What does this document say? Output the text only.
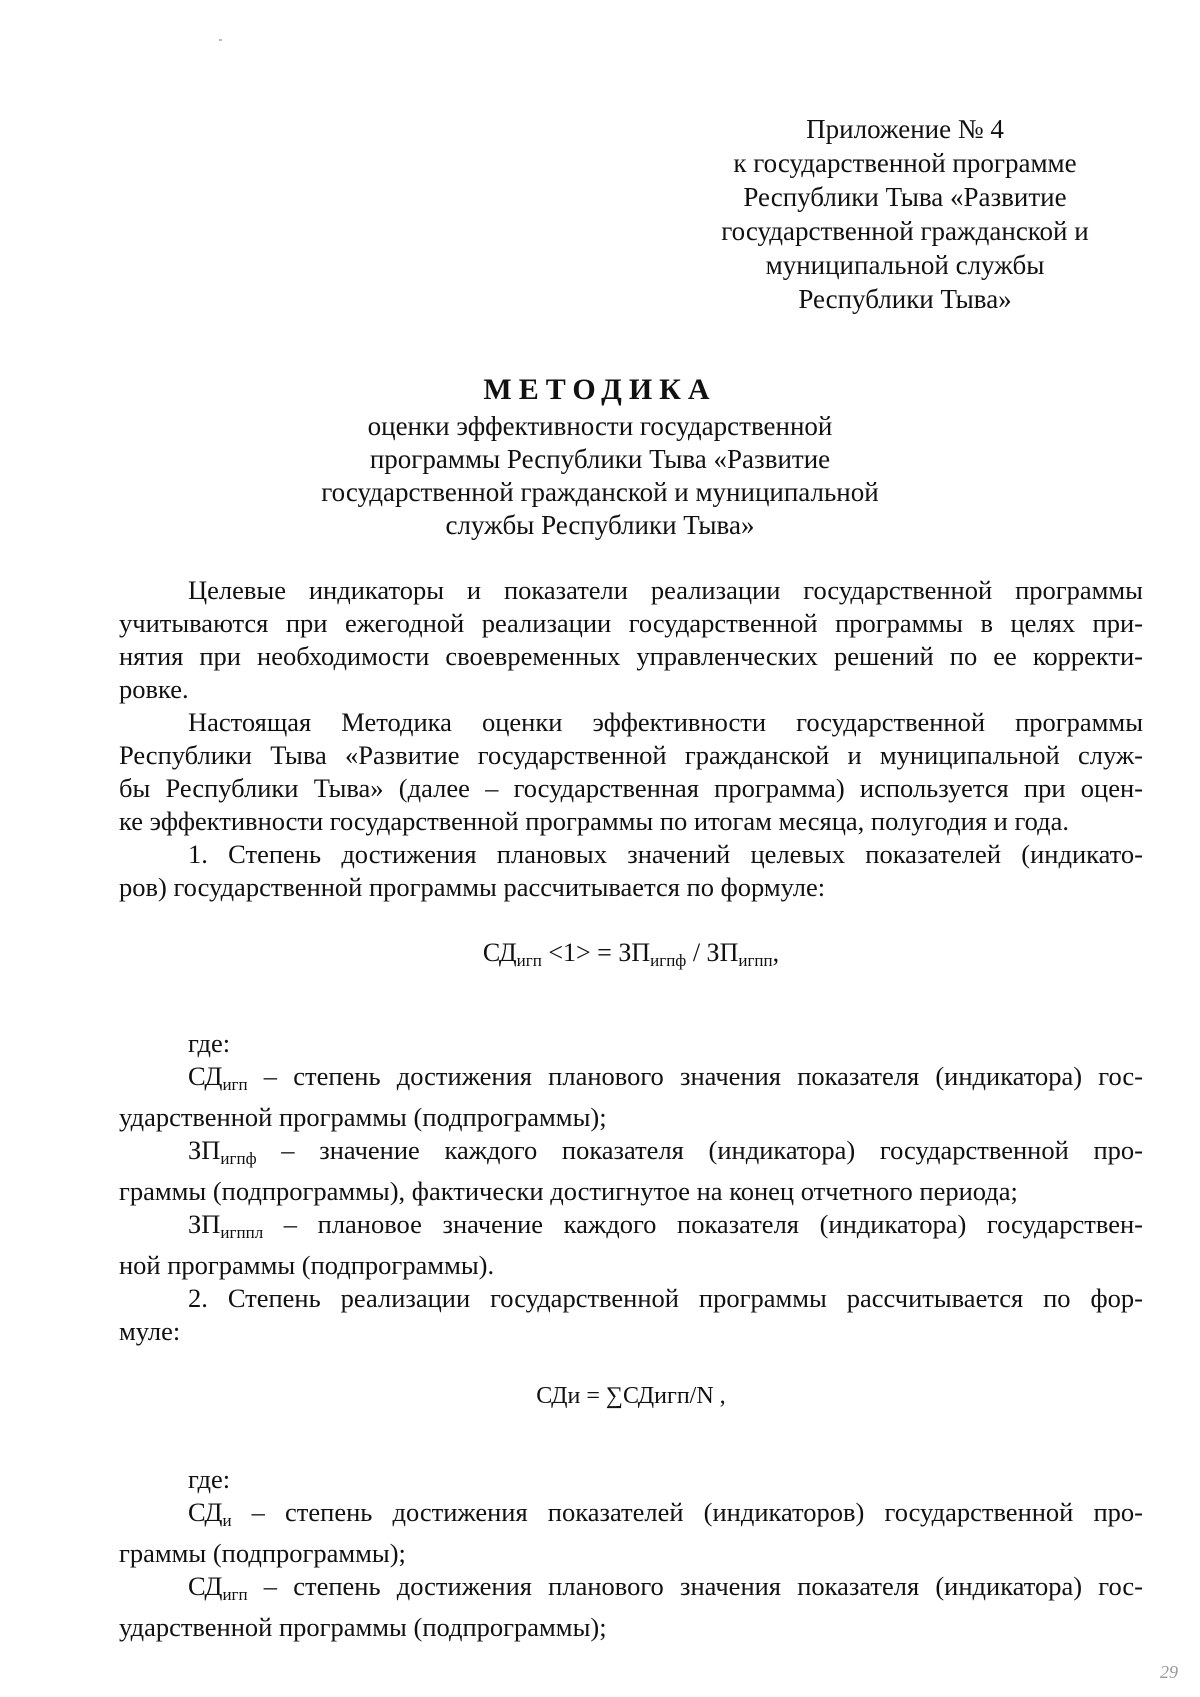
Приложение № 4
к государственной программе
Республики Тыва «Развитие
государственной гражданской и
муниципальной службы
Республики Тыва»
МЕТОДИКА
оценки эффективности государственной
программы Республики Тыва «Развитие
государственной гражданской и муниципальной
службы Республики Тыва»
Целевые индикаторы и показатели реализации государственной программы
учитываются при ежегодной реализации государственной программы в целях при-
нятия при необходимости своевременных управленческих решений по ее корректи-
ровке.
Настоящая Методика оценки эффективности государственной программы
Республики Тыва «Развитие государственной гражданской и муниципальной служ-
бы Республики Тыва» (далее – государственная программа) используется при оцен-
ке эффективности государственной программы по итогам месяца, полугодия и года.
1. Степень достижения плановых значений целевых показателей (индикато-
ров) государственной программы рассчитывается по формуле:
$СД_{игп} <1> = ЗП_{игпф} / ЗП_{игпп}$,
где:
$СД_{игп}$ – степень достижения планового значения показателя (индикатора) гос-
ударственной программы (подпрограммы);
$ЗП_{игпф}$ – значение каждого показателя (индикатора) государственной про-
граммы (подпрограммы), фактически достигнутое на конец отчетного периода;
$ЗП_{игппл}$ – плановое значение каждого показателя (индикатора) государствен-
ной программы (подпрограммы).
2. Степень реализации государственной программы рассчитывается по фор-
муле:
СДи = ∑СДигп/N ,
где:
$СД_и$ – степень достижения показателей (индикаторов) государственной про-
граммы (подпрограммы);
$СД_{игп}$ – степень достижения планового значения показателя (индикатора) гос-
ударственной программы (подпрограммы);
29
